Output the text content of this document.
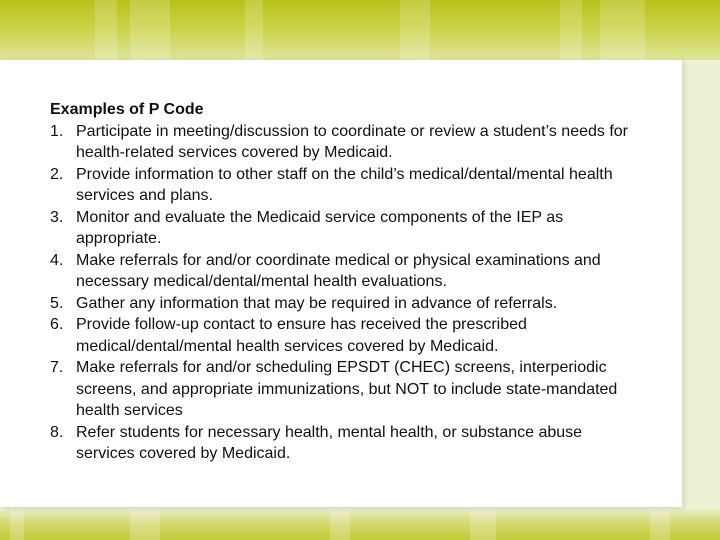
Examples of P Code
1. Participate in meeting/discussion to coordinate or review a student’s needs for health-related services covered by Medicaid.
2. Provide information to other staff on the child’s medical/dental/mental health services and plans.
3. Monitor and evaluate the Medicaid service components of the IEP as appropriate.
4. Make referrals for and/or coordinate medical or physical examinations and necessary medical/dental/mental health evaluations.
5. Gather any information that may be required in advance of referrals.
6. Provide follow-up contact to ensure has received the prescribed medical/dental/mental health services covered by Medicaid.
7. Make referrals for and/or scheduling EPSDT (CHEC) screens, interperiodic screens, and appropriate immunizations, but NOT to include state-mandated health services
8. Refer students for necessary health, mental health, or substance abuse services covered by Medicaid.
